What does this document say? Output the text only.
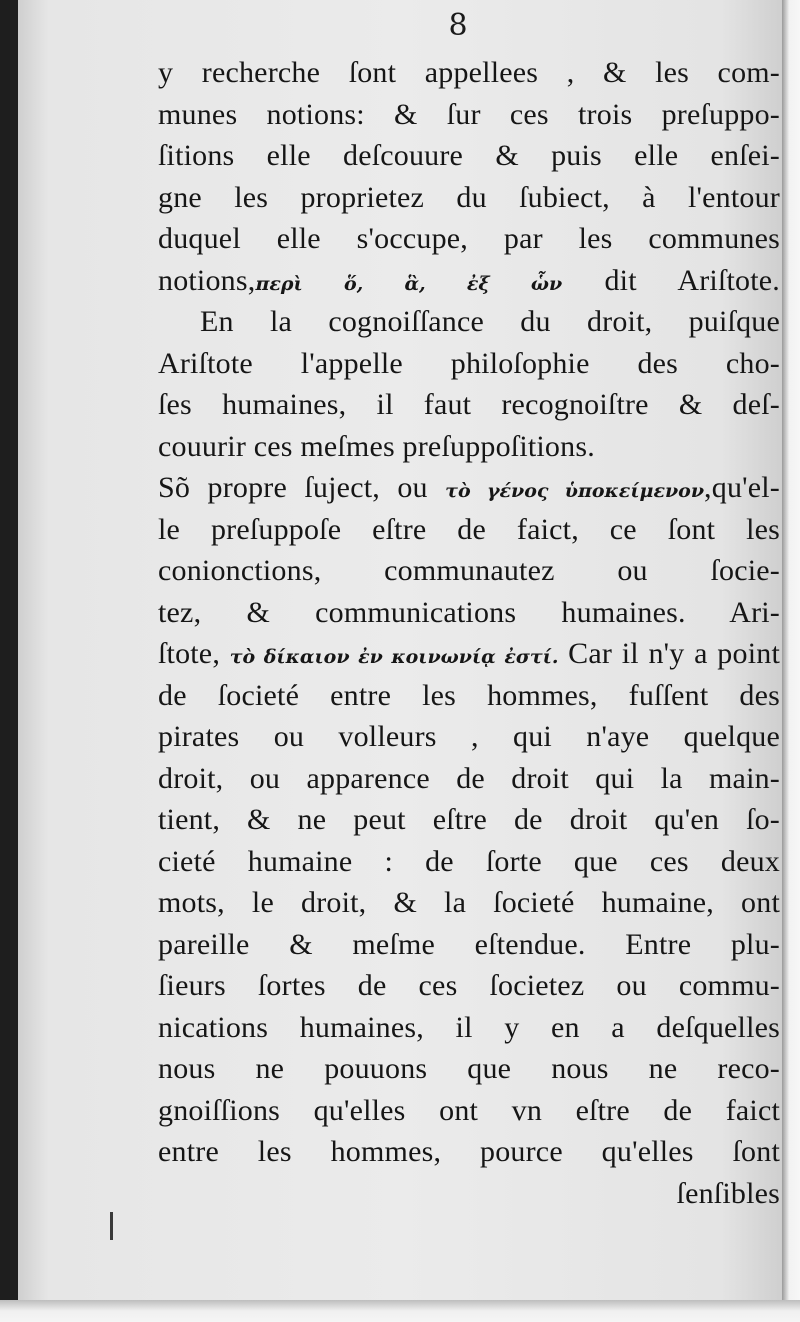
8
y recherche ſont appellees , & les com-
munes notions: & ſur ces trois preſuppo-
ſitions elle deſcouure & puis elle enſei-
gne les proprietez du ſubiect, à l'entour
duquel elle s'occupe, par les communes
notions,περὶ ὅ, ἃ, ἐξ ὧν dit Ariſtote.
En la cognoiſſance du droit, puiſque
Ariſtote l'appelle philoſophie des cho-
ſes humaines, il faut recognoiſtre & deſ-
couurir ces meſmes preſuppoſitions.
Sõ propre ſuject, ou τὸ γένος ὑποκείμενον,qu'el-
le preſuppoſe eſtre de faict, ce ſont les
conionctions, communautez ou ſocie-
tez, & communications humaines. Ari-
ſtote, τὸ δίκαιον ἐν κοινωνίᾳ ἐστί. Car il n'y a point
de ſocieté entre les hommes, fuſſent des
pirates ou volleurs , qui n'aye quelque
droit, ou apparence de droit qui la main-
tient, & ne peut eſtre de droit qu'en ſo-
cieté humaine : de ſorte que ces deux
mots, le droit, & la ſocieté humaine, ont
pareille & meſme eſtendue. Entre plu-
ſieurs ſortes de ces ſocietez ou commu-
nications humaines, il y en a deſquelles
nous ne pouuons que nous ne reco-
gnoiſſions qu'elles ont vn eſtre de faict
entre les hommes, pource qu'elles ſont
ſenſibles
